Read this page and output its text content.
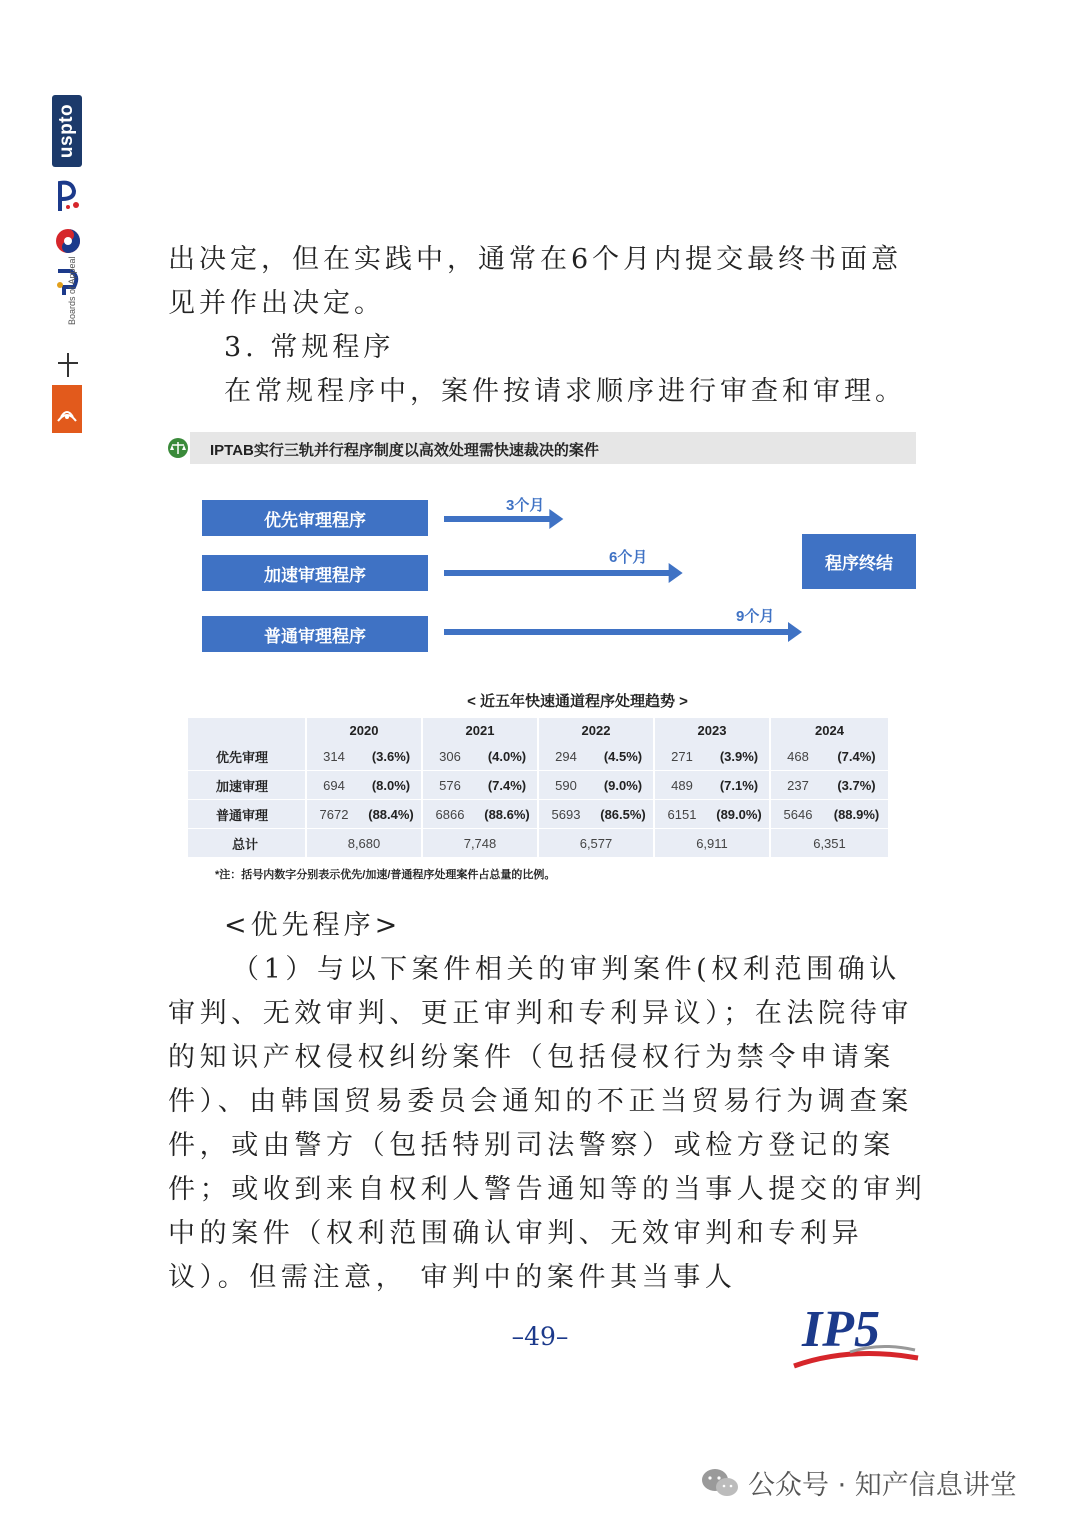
uspto
Boards of Appeal	出决定，但在实践中，通常在6个月内提交最终书面意见并作出决定。
3. 常规程序
在常规程序中，案件按请求顺序进行审查和审理。
IPTAB实行三轨并行程序制度以高效处理需快速裁决的案件
优先审理程序
加速审理程序
普通审理程序
程序终结
3个月
6个月
9个月
< 近五年快速通道程序处理趋势 >
	2020		2021		2022		2023		2024	
优先审理	314	(3.6%)	306	(4.0%)	294	(4.5%)	271	(3.9%)	468	(7.4%)
加速审理	694	(8.0%)	576	(7.4%)	590	(9.0%)	489	(7.1%)	237	(3.7%)
普通审理	7672	(88.4%)	6866	(88.6%)	5693	(86.5%)	6151	(89.0%)	5646	(88.9%)
总计	8,680		7,748		6,577		6,911		6,351	
*注：括号内数字分别表示优先/加速/普通程序处理案件占总量的比例。
<优先程序>
（1）与以下案件相关的审判案件(权利范围确认审判、无效审判、更正审判和专利异议）；在法院待审的知识产权侵权纠纷案件（包括侵权行为禁令申请案件）、由韩国贸易委员会通知的不正当贸易行为调查案件，或由警方（包括特别司法警察）或检方登记的案件；或收到来自权利人警告通知等的当事人提交的审判中的案件（权利范围确认审判、无效审判和专利异议）。但需注意， 审判中的案件其当事人
–49–	IP5
公众号 · 知产信息讲堂
